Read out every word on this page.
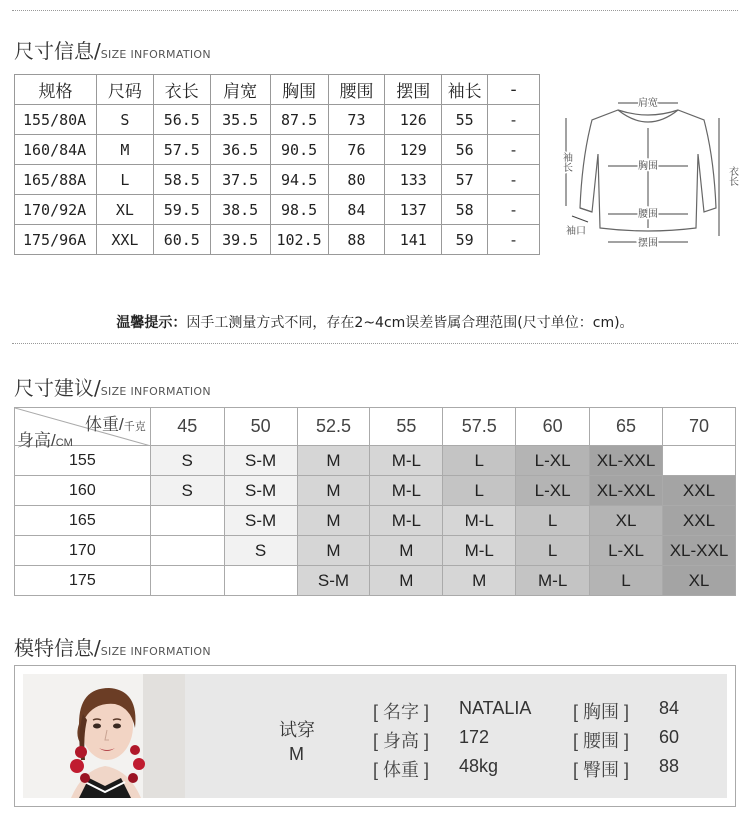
尺寸信息/SIZE INFORMATION
规格	尺码	衣长	肩宽	胸围	腰围	摆围	袖长	-
155/80A	S	56.5	35.5	87.5	73	126	55	-
160/84A	M	57.5	36.5	90.5	76	129	56	-
165/88A	L	58.5	37.5	94.5	80	133	57	-
170/92A	XL	59.5	38.5	98.5	84	137	58	-
175/96A	XXL	60.5	39.5	102.5	88	141	59	-
肩宽
胸围
腰围
摆围
衣长
袖长
袖口
温馨提示：因手工测量方式不同，存在2~4cm误差皆属合理范围(尺寸单位：cm)。
尺寸建议/SIZE INFORMATION
体重/千克
身高/CM	45	50	52.5	55	57.5	60	65	70
155	S	S-M	M	M-L	L	L-XL	XL-XXL	
160	S	S-M	M	M-L	L	L-XL	XL-XXL	XXL
165		S-M	M	M-L	M-L	L	XL	XXL
170		S	M	M	M-L	L	L-XL	XL-XXL
175			S-M	M	M	M-L	L	XL
模特信息/SIZE INFORMATION
试穿
M
[ 名字 ] NATALIA
[ 身高 ] 172
[ 体重 ] 48kg
[ 胸围 ] 84
[ 腰围 ] 60
[ 臀围 ] 88
